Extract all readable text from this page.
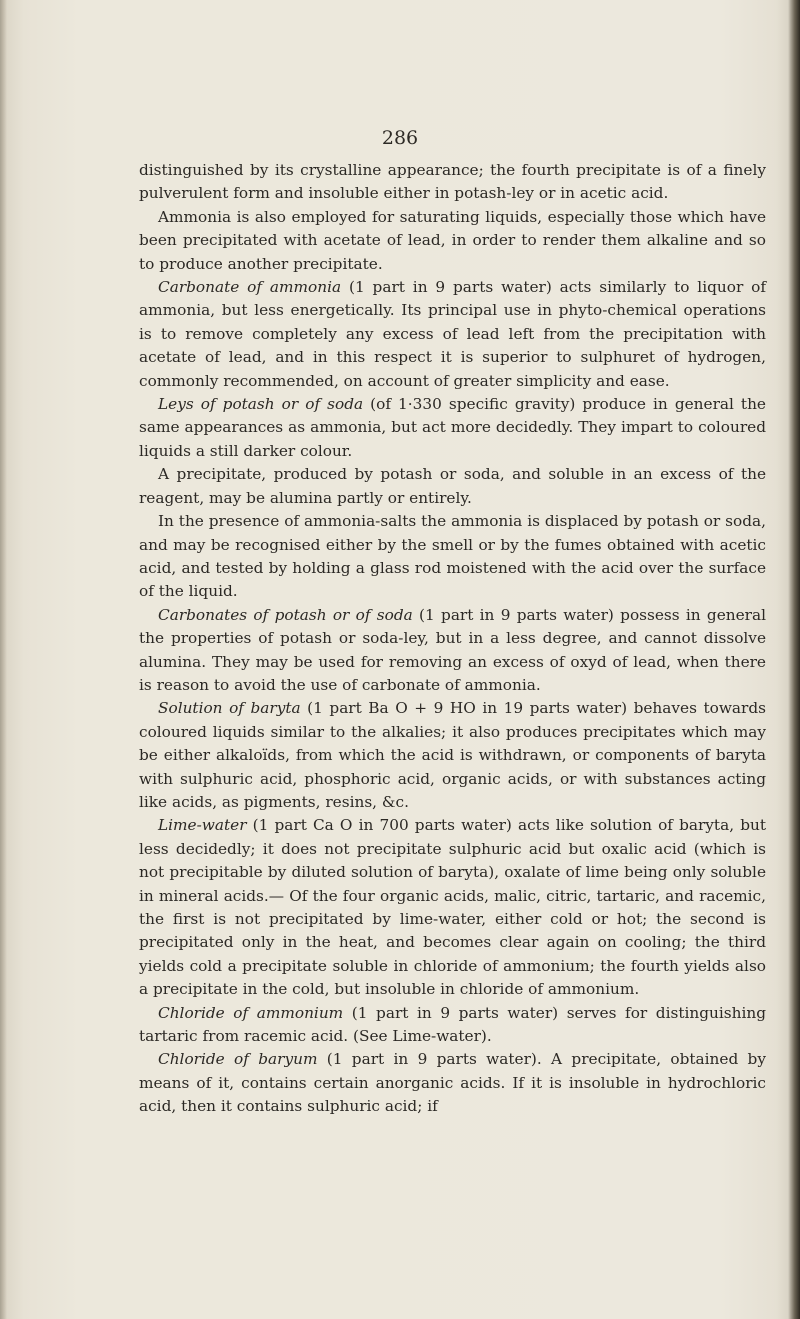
286

distinguished by its crystalline appearance; the fourth precipitate is of a finely pulverulent form and insoluble either in potash-ley or in acetic acid.

Ammonia is also employed for saturating liquids, especially those which have been precipitated with acetate of lead, in order to render them alkaline and so to produce another precipitate.

Carbonate of ammonia (1 part in 9 parts water) acts similarly to liquor of ammonia, but less energetically. Its principal use in phyto-chemical operations is to remove completely any excess of lead left from the precipitation with acetate of lead, and in this respect it is superior to sulphuret of hydrogen, commonly recommended, on account of greater simplicity and ease.

Leys of potash or of soda (of 1·330 specific gravity) produce in general the same appearances as ammonia, but act more decidedly. They impart to coloured liquids a still darker colour.

A precipitate, produced by potash or soda, and soluble in an excess of the reagent, may be alumina partly or entirely.

In the presence of ammonia-salts the ammonia is displaced by potash or soda, and may be recognised either by the smell or by the fumes obtained with acetic acid, and tested by holding a glass rod moistened with the acid over the surface of the liquid.

Carbonates of potash or of soda (1 part in 9 parts water) possess in general the properties of potash or soda-ley, but in a less degree, and cannot dissolve alumina. They may be used for removing an excess of oxyd of lead, when there is reason to avoid the use of carbonate of ammonia.

Solution of baryta (1 part Ba O + 9 HO in 19 parts water) behaves towards coloured liquids similar to the alkalies; it also produces precipitates which may be either alkaloïds, from which the acid is withdrawn, or components of baryta with sulphuric acid, phosphoric acid, organic acids, or with substances acting like acids, as pigments, resins, &c.

Lime-water (1 part Ca O in 700 parts water) acts like solution of baryta, but less decidedly; it does not precipitate sulphuric acid but oxalic acid (which is not precipitable by diluted solution of baryta), oxalate of lime being only soluble in mineral acids.— Of the four organic acids, malic, citric, tartaric, and racemic, the first is not precipitated by lime-water, either cold or hot; the second is precipitated only in the heat, and becomes clear again on cooling; the third yields cold a precipitate soluble in chloride of ammonium; the fourth yields also a precipitate in the cold, but insoluble in chloride of ammonium.

Chloride of ammonium (1 part in 9 parts water) serves for distinguishing tartaric from racemic acid. (See Lime-water).

Chloride of baryum (1 part in 9 parts water). A precipitate, obtained by means of it, contains certain anorganic acids. If it is insoluble in hydrochloric acid, then it contains sulphuric acid; if
